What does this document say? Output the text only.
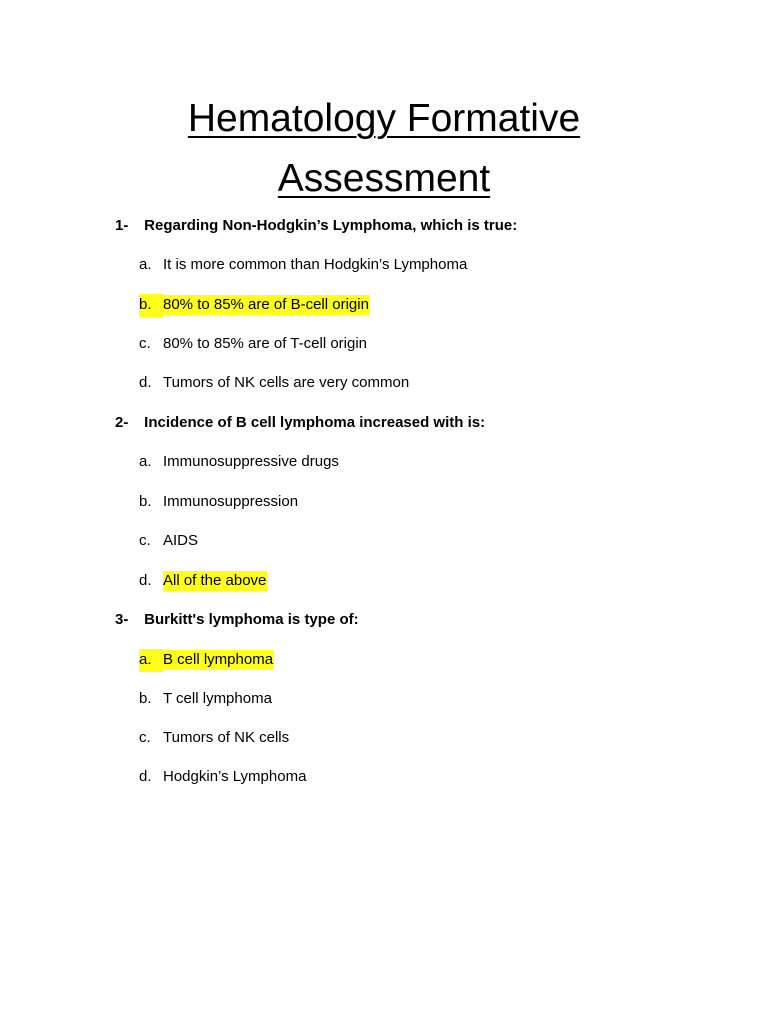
Hematology Formative
Assessment
1- Regarding Non-Hodgkin’s Lymphoma, which is true:
a. It is more common than Hodgkin’s Lymphoma
b. 80% to 85% are of B-cell origin
c. 80% to 85% are of T-cell origin
d. Tumors of NK cells are very common
2- Incidence of B cell lymphoma increased with is:
a. Immunosuppressive drugs
b. Immunosuppression
c. AIDS
d. All of the above
3- Burkitt's lymphoma is type of:
a. B cell lymphoma
b. T cell lymphoma
c. Tumors of NK cells
d. Hodgkin’s Lymphoma
